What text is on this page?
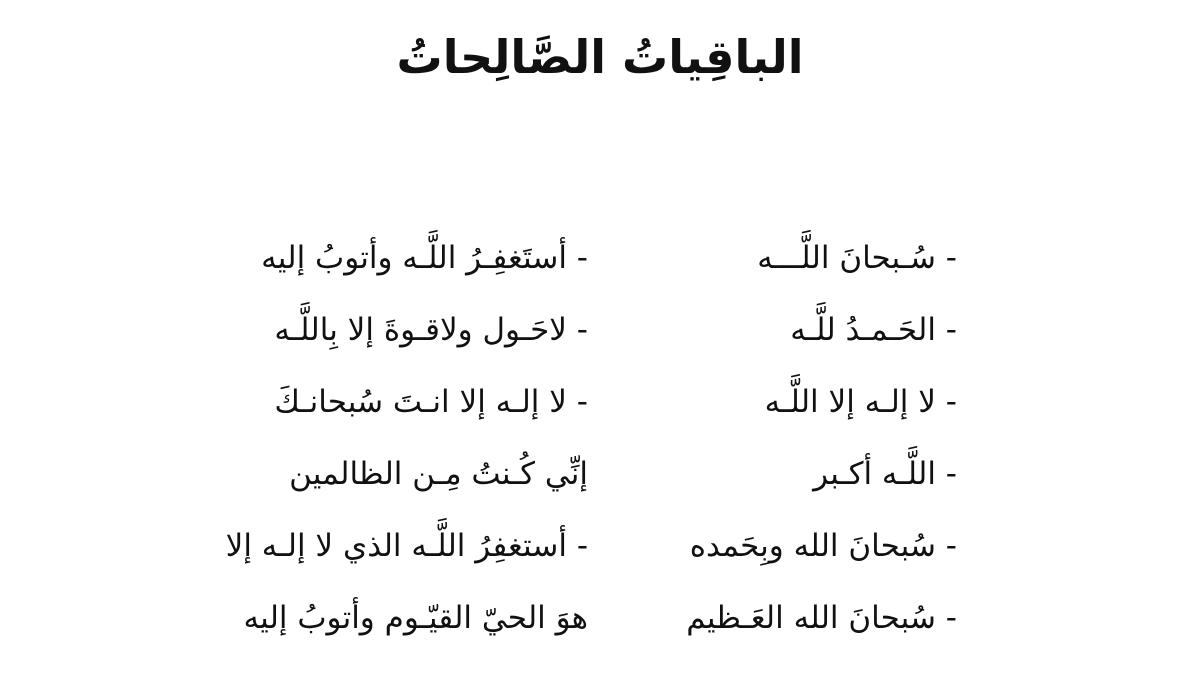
الباقِياتُ الصَّالِحاتُ
- سُـبحانَ اللَّـــه
- الحَـمـدُ للَّـه
- لا إلـه إلا اللَّـه
- اللَّـه أكـبر
- سُبحانَ الله وبِحَمده
- سُبحانَ الله العَـظيم
- أستَغفِـرُ اللَّـه وأتوبُ إليه
- لاحَـول ولاقـوةَ إلا بِاللَّـه
- لا إلـه إلا انـتَ سُبحانـكَ
إنِّي كُـنتُ مِـن الظالمين
- أستغفِرُ اللَّـه الذي لا إلـه إلا
هوَ الحيّ القيّـوم وأتوبُ إليه
